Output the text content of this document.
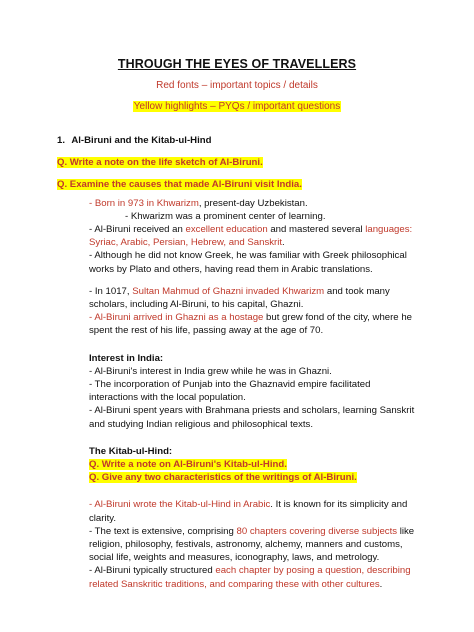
THROUGH THE EYES OF TRAVELLERS
Red fonts – important topics / details
Yellow highlights – PYQs / important questions

1. Al-Biruni and the Kitab-ul-Hind

Q. Write a note on the life sketch of Al-Biruni.

Q. Examine the causes that made Al-Biruni visit India.

- Born in 973 in Khwarizm, present-day Uzbekistan.

- Khwarizm was a prominent center of learning.

- Al-Biruni received an excellent education and mastered several languages:
Syriac, Arabic, Persian, Hebrew, and Sanskrit.

- Although he did not know Greek, he was familiar with Greek philosophical
works by Plato and others, having read them in Arabic translations.

- In 1017, Sultan Mahmud of Ghazni invaded Khwarizm and took many
scholars, including Al-Biruni, to his capital, Ghazni.

- Al-Biruni arrived in Ghazni as a hostage but grew fond of the city, where he
spent the rest of his life, passing away at the age of 70.

Interest in India:

- Al-Biruni's interest in India grew while he was in Ghazni.

- The incorporation of Punjab into the Ghaznavid empire facilitated

interactions with the local population.

- Al-Biruni spent years with Brahmana priests and scholars, learning Sanskrit

and studying Indian religious and philosophical texts.

The Kitab-ul-Hind:

Q. Write a note on Al-Biruni's Kitab-ul-Hind.

Q. Give any two characteristics of the writings of Al-Biruni.

- Al-Biruni wrote the Kitab-ul-Hind in Arabic. It is known for its simplicity and
clarity.

- The text is extensive, comprising 80 chapters covering diverse subjects like
religion, philosophy, festivals, astronomy, alchemy, manners and customs,
social life, weights and measures, iconography, laws, and metrology.

- Al-Biruni typically structured each chapter by posing a question, describing
related Sanskritic traditions, and comparing these with other cultures.
